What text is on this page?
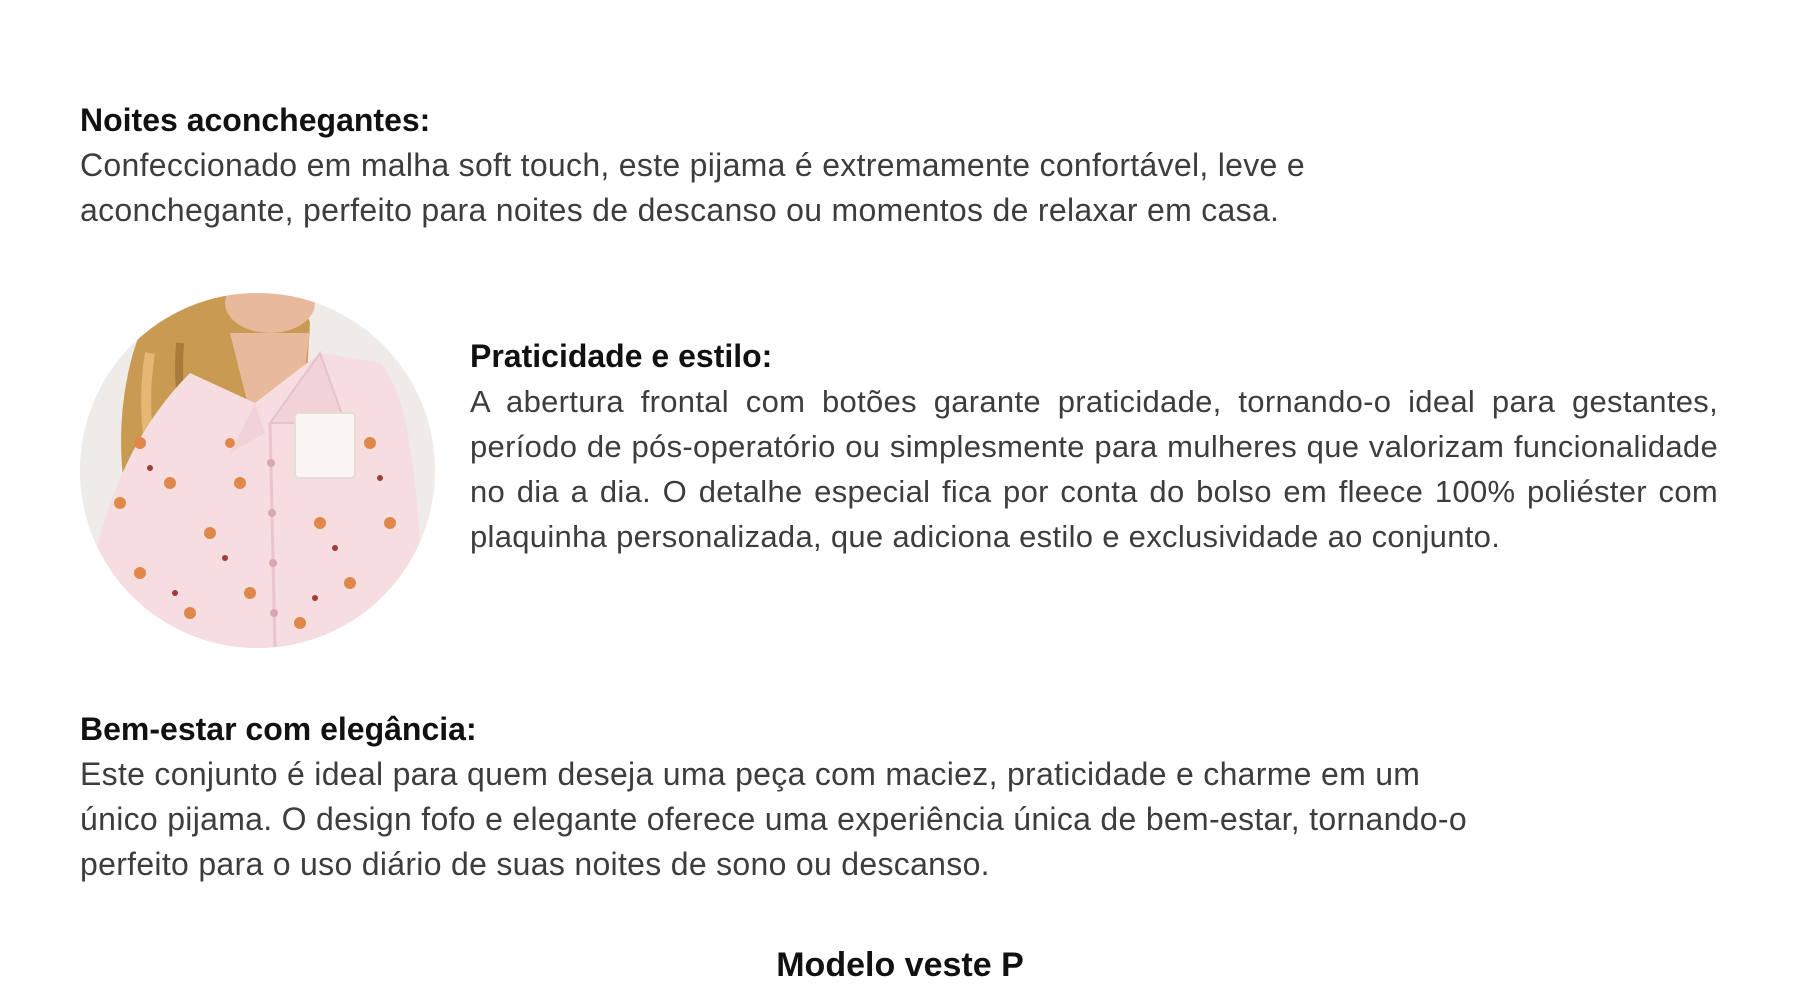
Noites aconchegantes:
Confeccionado em malha soft touch, este pijama é extremamente confortável, leve e
aconchegante, perfeito para noites de descanso ou momentos de relaxar em casa.
Praticidade e estilo:
A abertura frontal com botões garante praticidade, tornando-o ideal para gestantes, período de pós-operatório ou simplesmente para mulheres que valorizam funcionalidade no dia a dia. O detalhe especial fica por conta do bolso em fleece 100% poliéster com plaquinha personalizada, que adiciona estilo e exclusividade ao conjunto.
Bem-estar com elegância:
Este conjunto é ideal para quem deseja uma peça com maciez, praticidade e charme em um
único pijama. O design fofo e elegante oferece uma experiência única de bem-estar, tornando-o
perfeito para o uso diário de suas noites de sono ou descanso.
Modelo veste P
